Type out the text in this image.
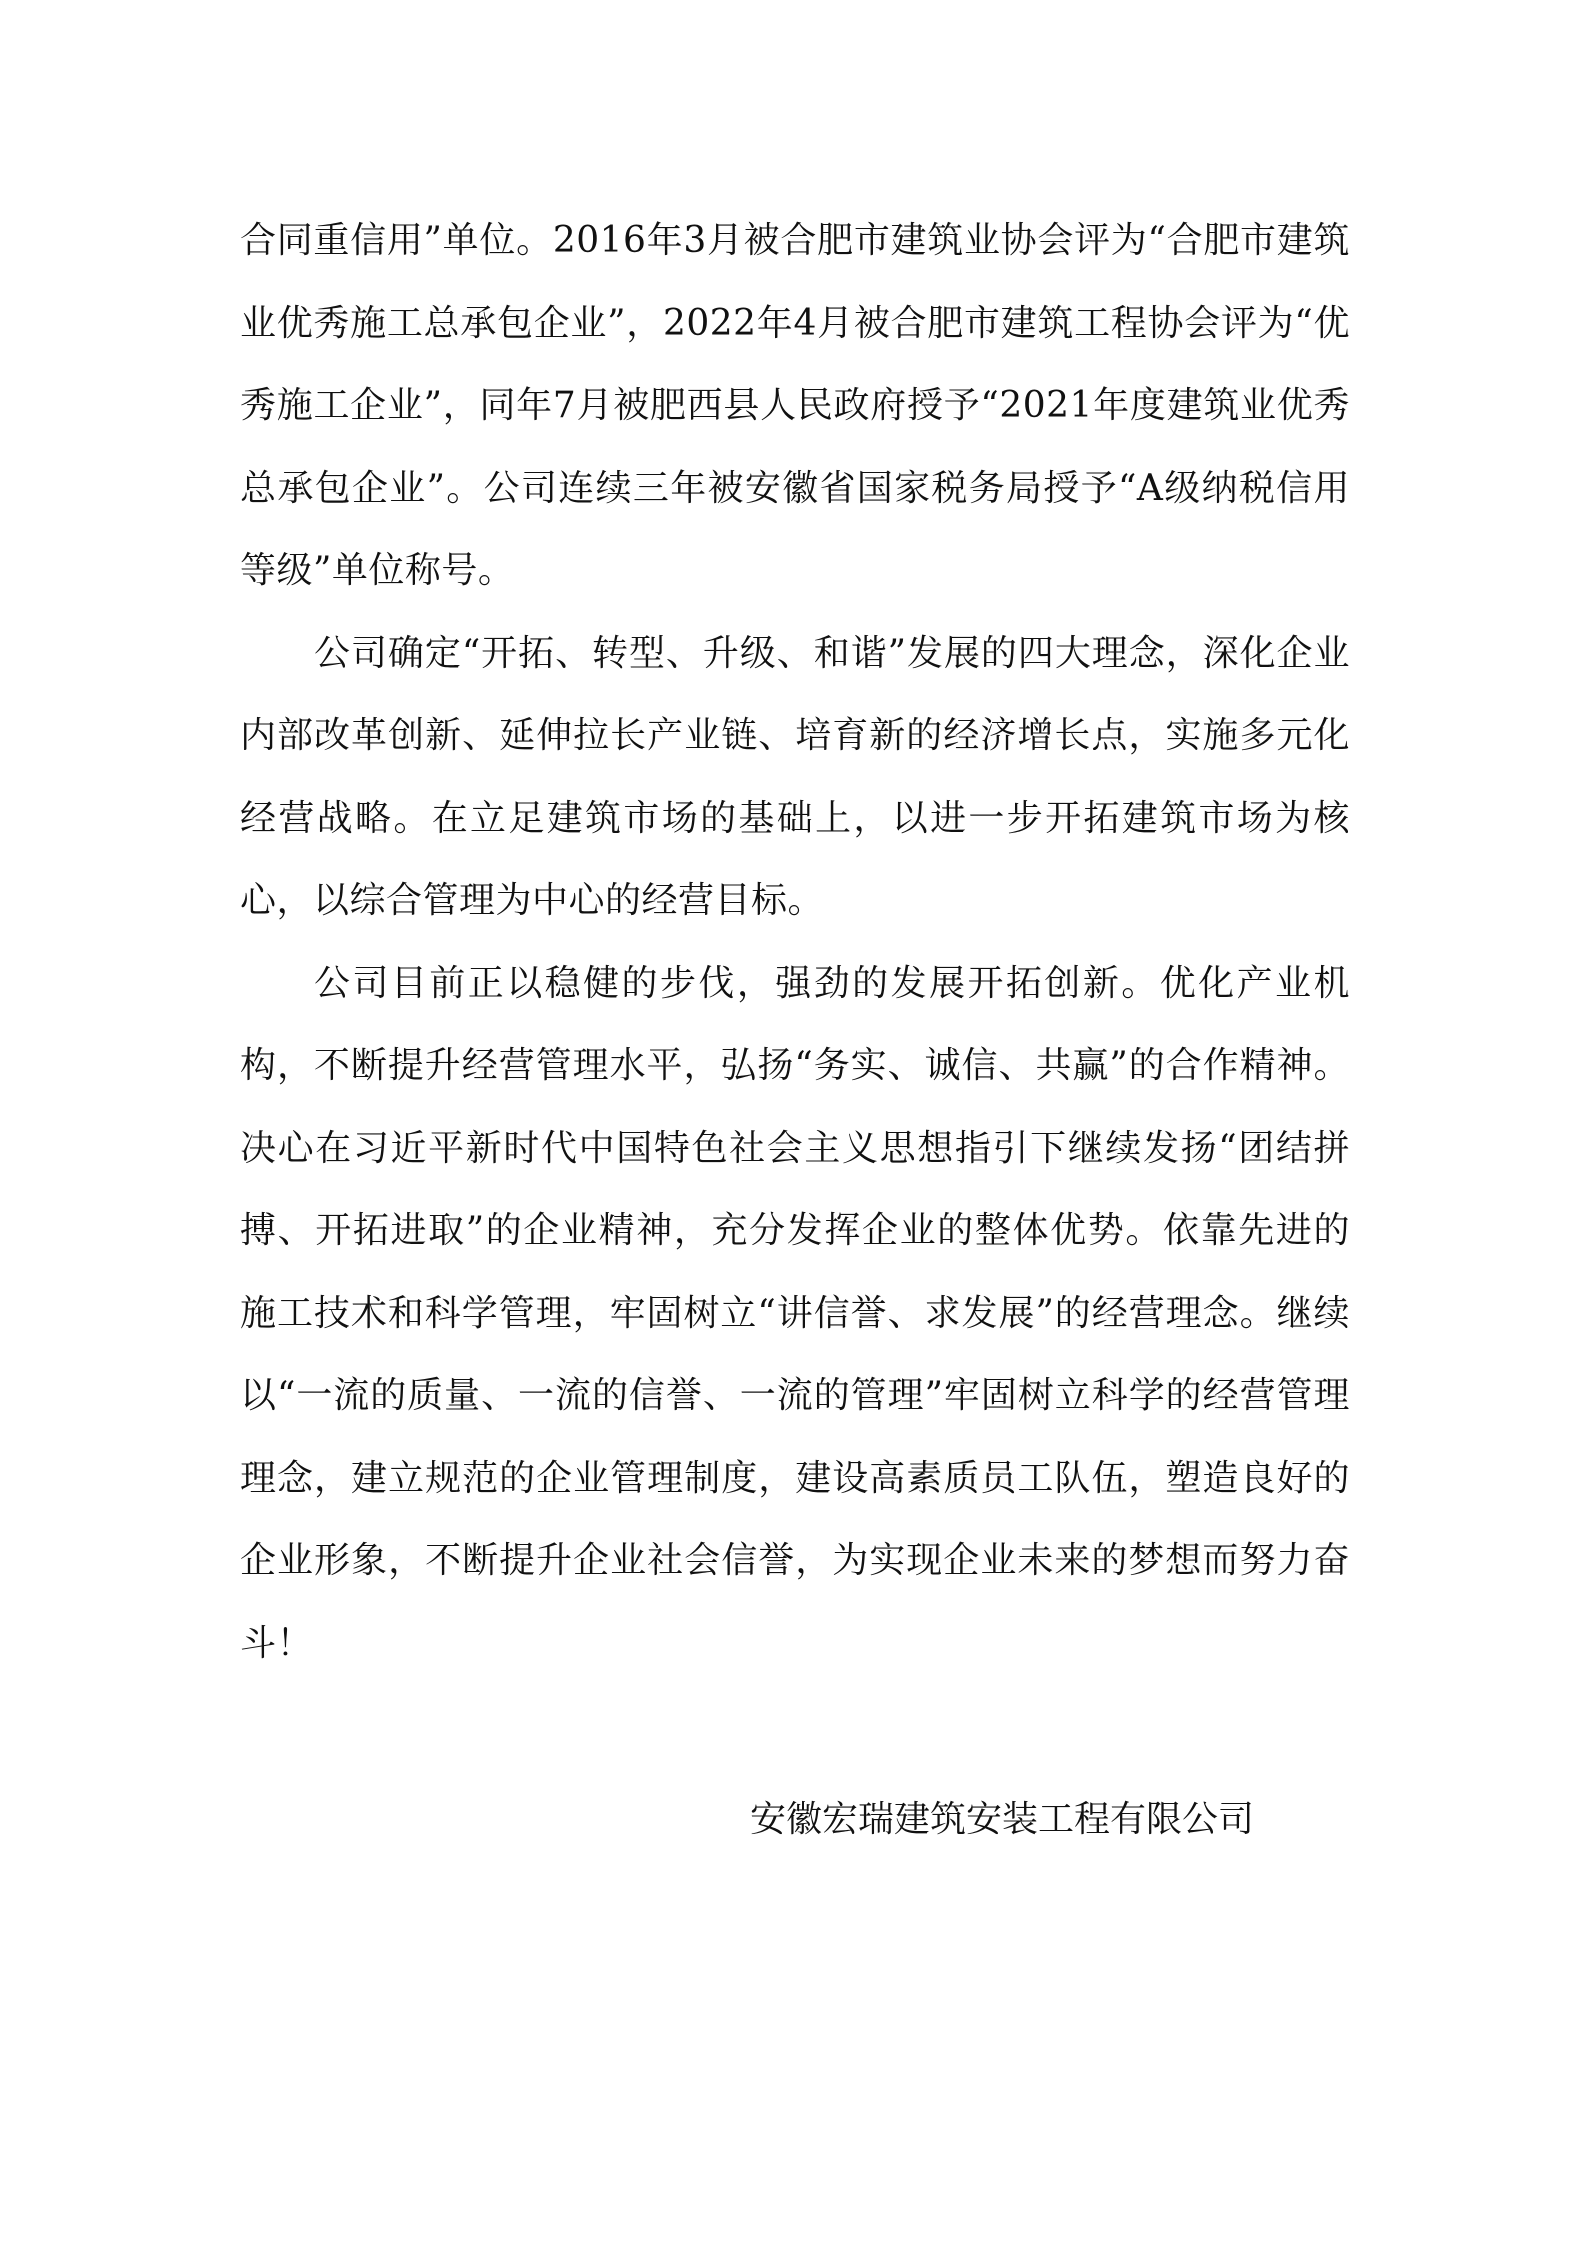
合同重信用”单位。2016年3月被合肥市建筑业协会评为“合肥市建筑业优秀施工总承包企业”，2022年4月被合肥市建筑工程协会评为“优秀施工企业”，同年7月被肥西县人民政府授予“2021年度建筑业优秀总承包企业”。公司连续三年被安徽省国家税务局授予“A级纳税信用等级”单位称号。

公司确定“开拓、转型、升级、和谐”发展的四大理念，深化企业内部改革创新、延伸拉长产业链、培育新的经济增长点，实施多元化经营战略。在立足建筑市场的基础上，以进一步开拓建筑市场为核心，以综合管理为中心的经营目标。

公司目前正以稳健的步伐，强劲的发展开拓创新。优化产业机构，不断提升经营管理水平，弘扬“务实、诚信、共赢”的合作精神。决心在习近平新时代中国特色社会主义思想指引下继续发扬“团结拼搏、开拓进取”的企业精神，充分发挥企业的整体优势。依靠先进的施工技术和科学管理，牢固树立“讲信誉、求发展”的经营理念。继续以“一流的质量、一流的信誉、一流的管理”牢固树立科学的经营管理理念，建立规范的企业管理制度，建设高素质员工队伍，塑造良好的企业形象，不断提升企业社会信誉，为实现企业未来的梦想而努力奋斗！

安徽宏瑞建筑安装工程有限公司
